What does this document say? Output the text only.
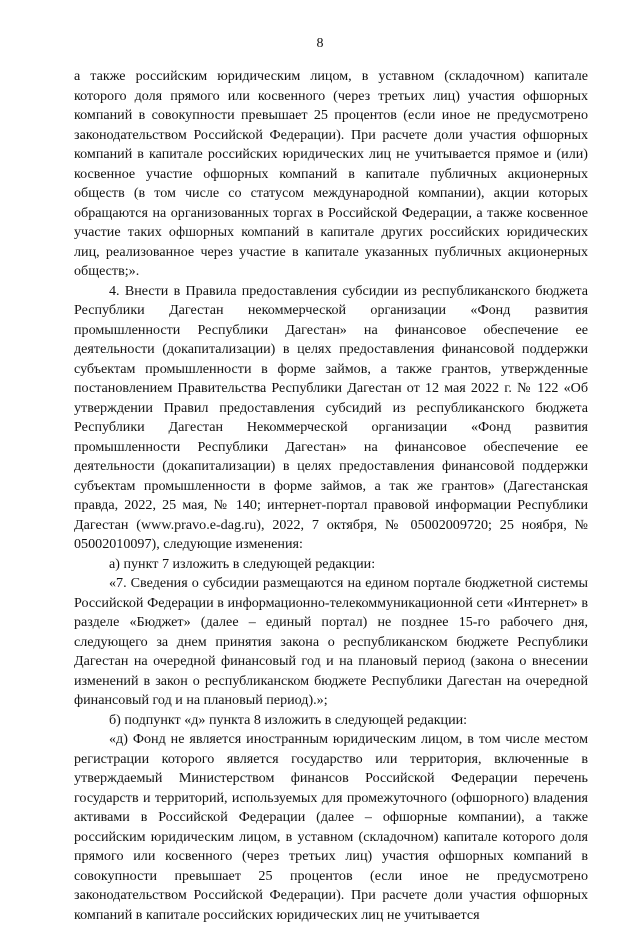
8

а также российским юридическим лицом, в уставном (складочном) капитале которого доля прямого или косвенного (через третьих лиц) участия офшорных компаний в совокупности превышает 25 процентов (если иное не предусмотрено законодательством Российской Федерации). При расчете доли участия офшорных компаний в капитале российских юридических лиц не учитывается прямое и (или) косвенное участие офшорных компаний в капитале публичных акционерных обществ (в том числе со статусом международной компании), акции которых обращаются на организованных торгах в Российской Федерации, а также косвенное участие таких офшорных компаний в капитале других российских юридических лиц, реализованное через участие в капитале указанных публичных акционерных обществ;».

4. Внести в Правила предоставления субсидии из республиканского бюджета Республики Дагестан некоммерческой организации «Фонд развития промышленности Республики Дагестан» на финансовое обеспечение ее деятельности (докапитализации) в целях предоставления финансовой поддержки субъектам промышленности в форме займов, а также грантов, утвержденные постановлением Правительства Республики Дагестан от 12 мая 2022 г. № 122 «Об утверждении Правил предоставления субсидий из республиканского бюджета Республики Дагестан Некоммерческой организации «Фонд развития промышленности Республики Дагестан» на финансовое обеспечение ее деятельности (докапитализации) в целях предоставления финансовой поддержки субъектам промышленности в форме займов, а так же грантов» (Дагестанская правда, 2022, 25 мая, № 140; интернет-портал правовой информации Республики Дагестан (www.pravo.e-dag.ru), 2022, 7 октября, № 05002009720; 25 ноября, № 05002010097), следующие изменения:

а) пункт 7 изложить в следующей редакции:

«7. Сведения о субсидии размещаются на едином портале бюджетной системы Российской Федерации в информационно-телекоммуникационной сети «Интернет» в разделе «Бюджет» (далее – единый портал) не позднее 15-го рабочего дня, следующего за днем принятия закона о республиканском бюджете Республики Дагестан на очередной финансовый год и на плановый период (закона о внесении изменений в закон о республиканском бюджете Республики Дагестан на очередной финансовый год и на плановый период).»;

б) подпункт «д» пункта 8 изложить в следующей редакции:

«д) Фонд не является иностранным юридическим лицом, в том числе местом регистрации которого является государство или территория, включенные в утверждаемый Министерством финансов Российской Федерации перечень государств и территорий, используемых для промежуточного (офшорного) владения активами в Российской Федерации (далее – офшорные компании), а также российским юридическим лицом, в уставном (складочном) капитале которого доля прямого или косвенного (через третьих лиц) участия офшорных компаний в совокупности превышает 25 процентов (если иное не предусмотрено законодательством Российской Федерации). При расчете доли участия офшорных компаний в капитале российских юридических лиц не учитывается
